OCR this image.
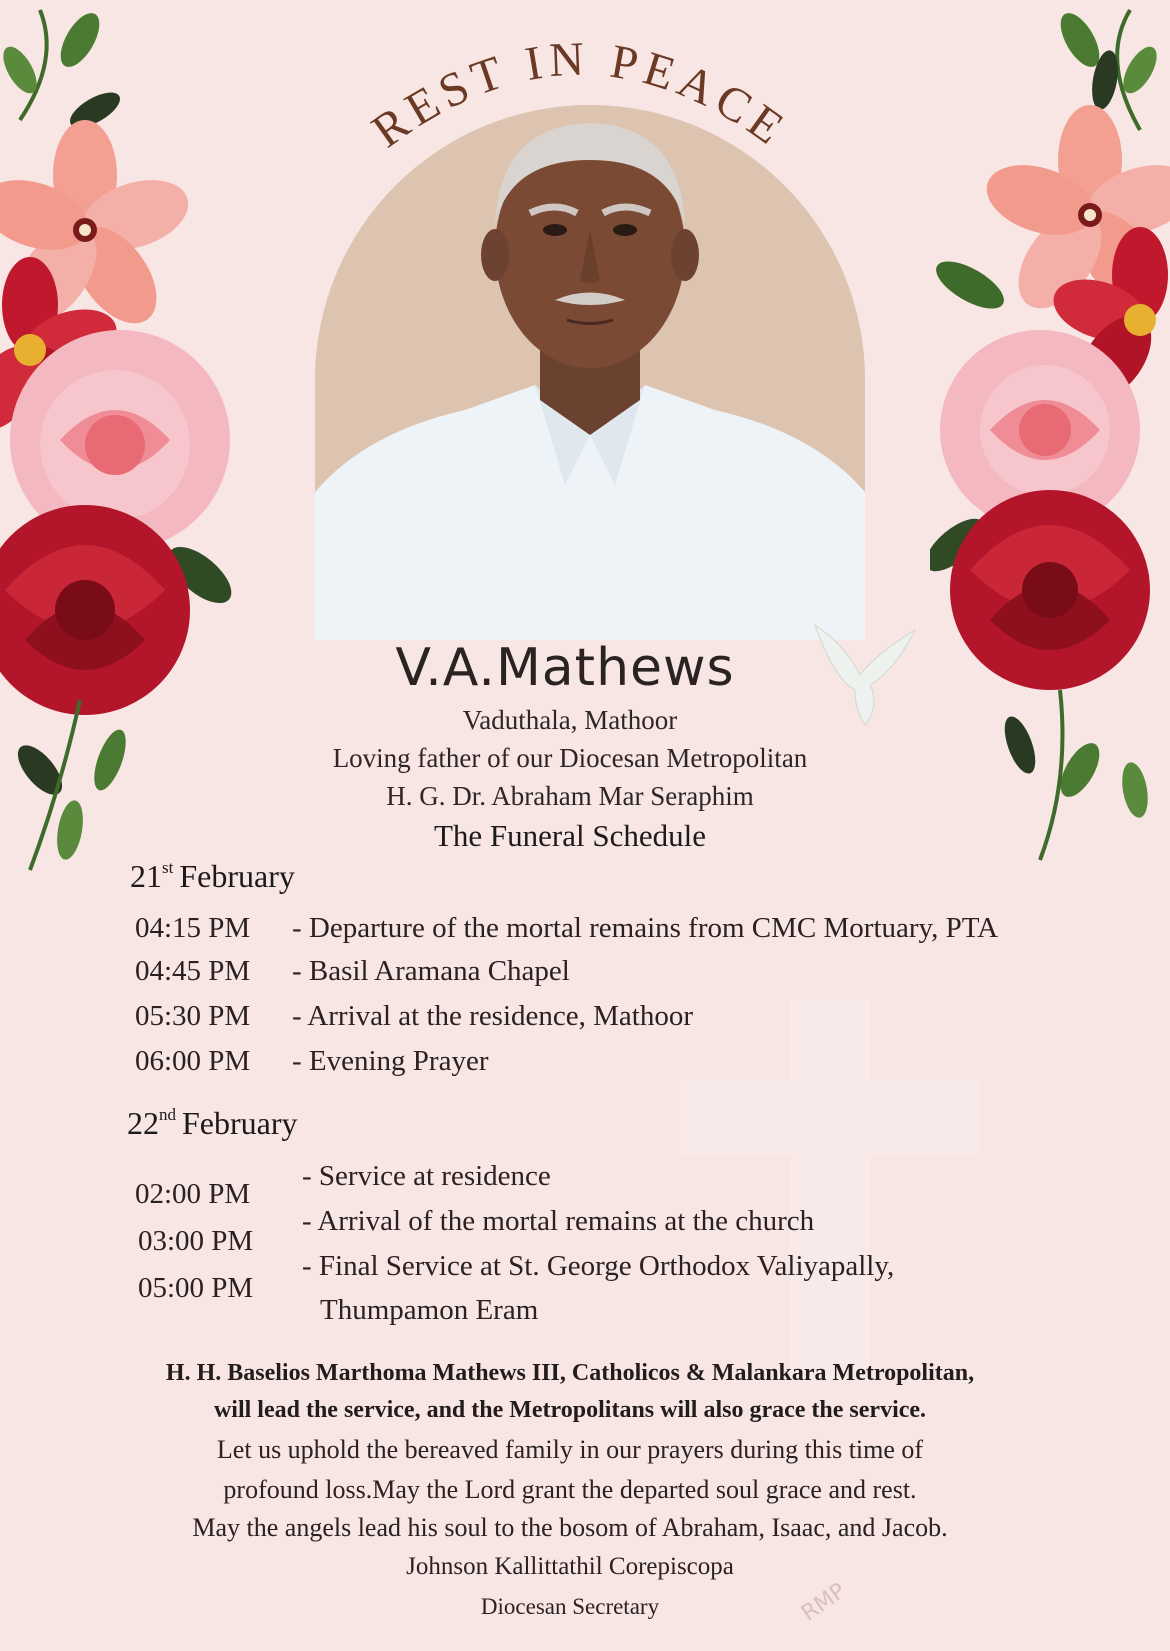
REST IN PEACE
V.A.Mathews
Vaduthala, Mathoor
Loving father of our Diocesan Metropolitan
H. G. Dr. Abraham Mar Seraphim
The Funeral Schedule
21st February
04:15 PM - Departure of the mortal remains from CMC Mortuary, PTA
04:45 PM - Basil Aramana Chapel
05:30 PM - Arrival at the residence, Mathoor
06:00 PM - Evening Prayer
22nd February
02:00 PM
03:00 PM
05:00 PM
- Service at residence
- Arrival of the mortal remains at the church
- Final Service at St. George Orthodox Valiyapally,
Thumpamon Eram
H. H. Baselios Marthoma Mathews III, Catholicos & Malankara Metropolitan,
will lead the service, and the Metropolitans will also grace the service.
Let us uphold the bereaved family in our prayers during this time of
profound loss.May the Lord grant the departed soul grace and rest.
May the angels lead his soul to the bosom of Abraham, Isaac, and Jacob.
Johnson Kallittathil Corepiscopa
Diocesan Secretary	RMP
